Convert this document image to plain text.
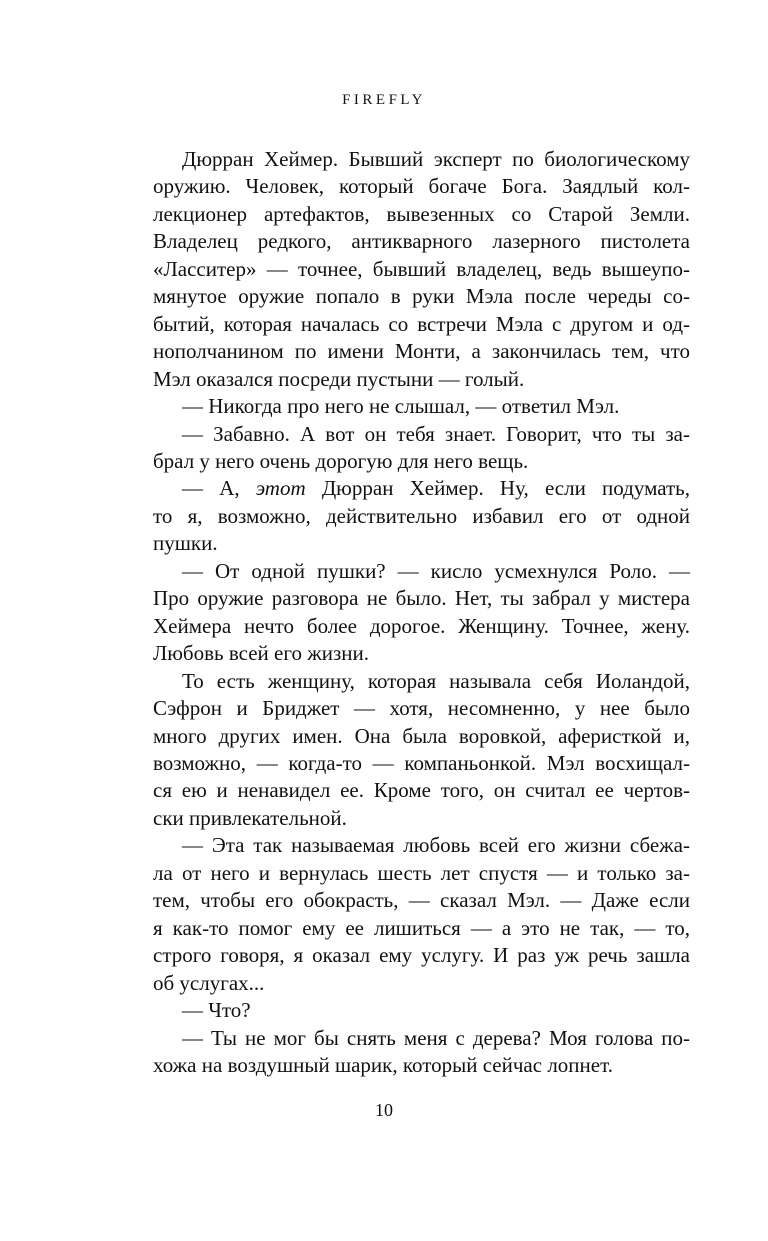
FIREFLY
Дюрран Хеймер. Бывший эксперт по биологическому
оружию. Человек, который богаче Бога. Заядлый кол-
лекционер артефактов, вывезенных со Старой Земли.
Владелец редкого, антикварного лазерного пистолета
«Ласситер» — точнее, бывший владелец, ведь вышеупо-
мянутое оружие попало в руки Мэла после череды со-
бытий, которая началась со встречи Мэла с другом и од-
нополчанином по имени Монти, а закончилась тем, что
Мэл оказался посреди пустыни — голый.
— Никогда про него не слышал, — ответил Мэл.
— Забавно. А вот он тебя знает. Говорит, что ты за-
брал у него очень дорогую для него вещь.
— А, этот Дюрран Хеймер. Ну, если подумать,
то я, возможно, действительно избавил его от одной
пушки.
— От одной пушки? — кисло усмехнулся Роло. —
Про оружие разговора не было. Нет, ты забрал у мистера
Хеймера нечто более дорогое. Женщину. Точнее, жену.
Любовь всей его жизни.
То есть женщину, которая называла себя Иоландой,
Сэфрон и Бриджет — хотя, несомненно, у нее было
много других имен. Она была воровкой, аферисткой и,
возможно, — когда-то — компаньонкой. Мэл восхищал-
ся ею и ненавидел ее. Кроме того, он считал ее чертов-
ски привлекательной.
— Эта так называемая любовь всей его жизни сбежа-
ла от него и вернулась шесть лет спустя — и только за-
тем, чтобы его обокрасть, — сказал Мэл. — Даже если
я как-то помог ему ее лишиться — а это не так, — то,
строго говоря, я оказал ему услугу. И раз уж речь зашла
об услугах...
— Что?
— Ты не мог бы снять меня с дерева? Моя голова по-
хожа на воздушный шарик, который сейчас лопнет.
10
